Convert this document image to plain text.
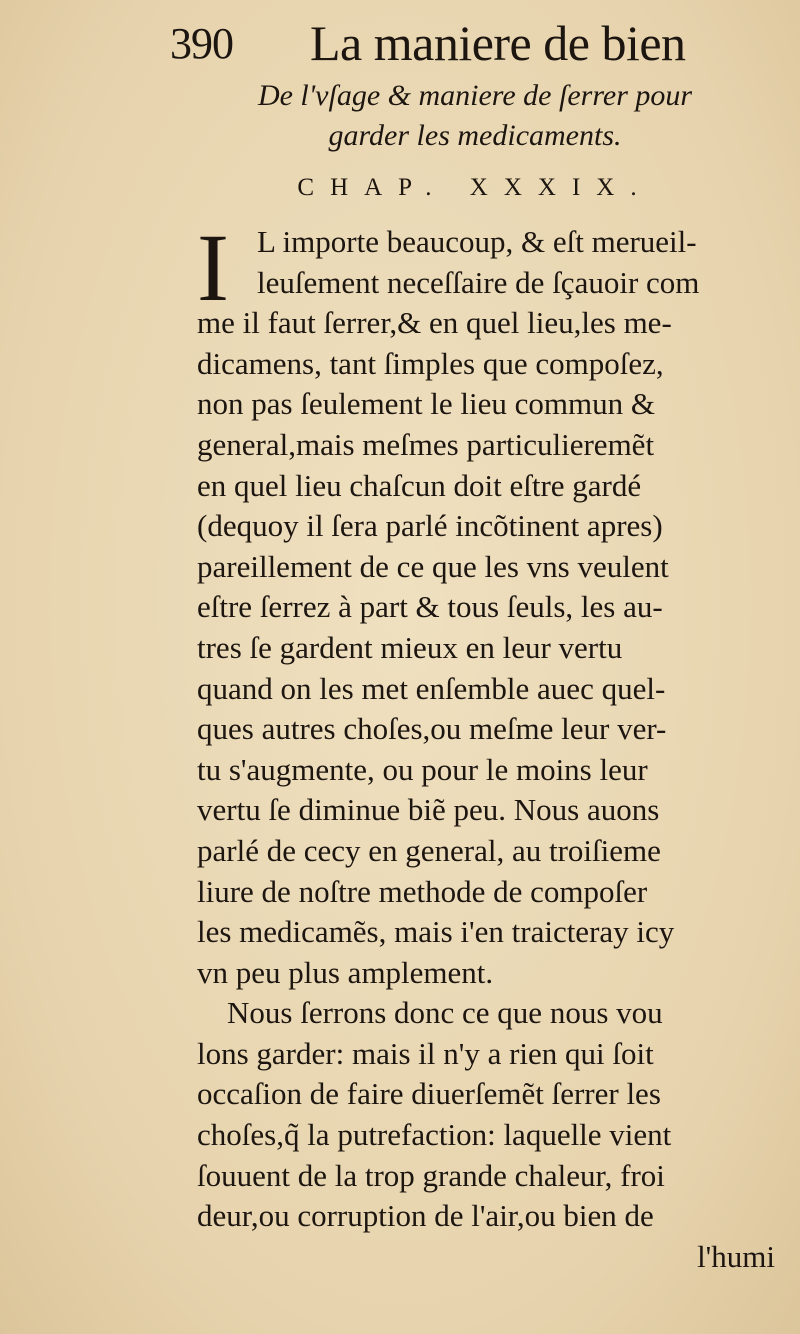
390 La maniere de bien
De l'vſage & maniere de ſerrer pour
garder les medicaments.
CHAP. XXXIX.
I L importe beaucoup, & eſt merueil-
leuſement neceſſaire de ſçauoir com
me il faut ſerrer,& en quel lieu,les me-
dicamens, tant ſimples que compoſez,
non pas ſeulement le lieu commun &
general,mais meſmes particulieremẽt
en quel lieu chaſcun doit eſtre gardé
(dequoy il ſera parlé incõtinent apres)
pareillement de ce que les vns veulent
eſtre ſerrez à part & tous ſeuls, les au-
tres ſe gardent mieux en leur vertu
quand on les met enſemble auec quel-
ques autres choſes,ou meſme leur ver-
tu s'augmente, ou pour le moins leur
vertu ſe diminue biẽ peu. Nous auons
parlé de cecy en general, au troiſieme
liure de noſtre methode de compoſer
les medicamẽs, mais i'en traicteray icy
vn peu plus amplement.
Nous ſerrons donc ce que nous vou
lons garder: mais il n'y a rien qui ſoit
occaſion de faire diuerſemẽt ſerrer les
choſes,q̃ la putrefaction: laquelle vient
ſouuent de la trop grande chaleur, froi
deur,ou corruption de l'air,ou bien de
l'humi
